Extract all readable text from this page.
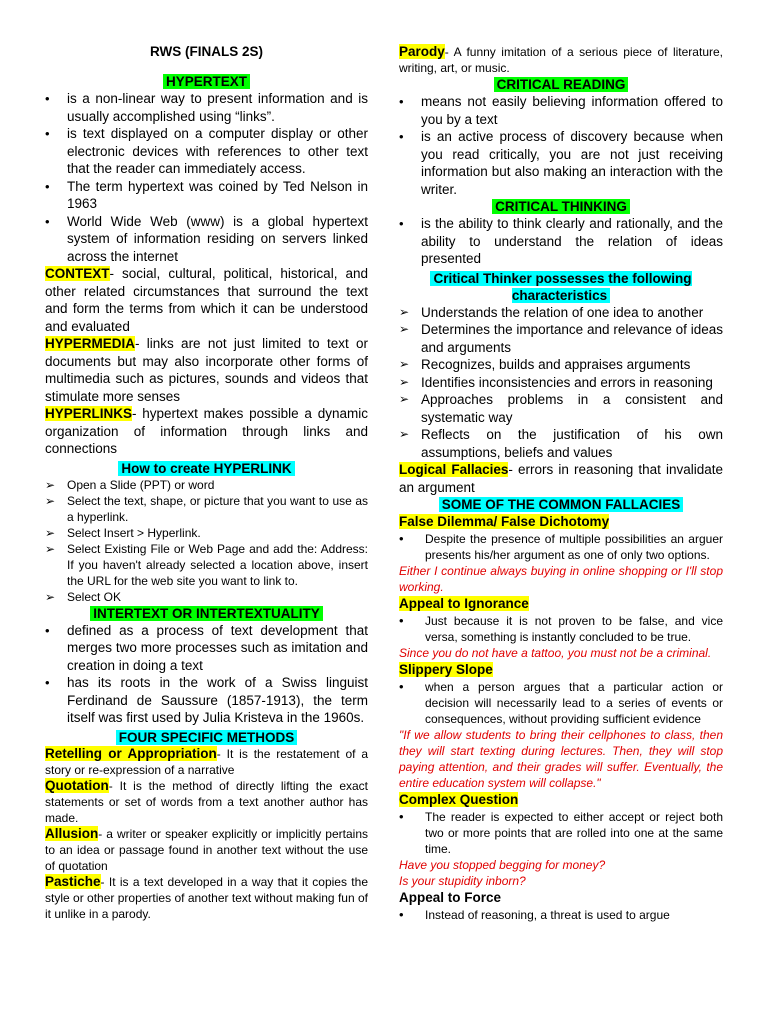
RWS (FINALS 2S)

HYPERTEXT

• is a non-linear way to present information and is usually accomplished using “links”.
• is text displayed on a computer display or other electronic devices with references to other text that the reader can immediately access.
• The term hypertext was coined by Ted Nelson in 1963
• World Wide Web (www) is a global hypertext system of information residing on servers linked across the internet

CONTEXT- social, cultural, political, historical, and other related circumstances that surround the text and form the terms from which it can be understood and evaluated

HYPERMEDIA- links are not just limited to text or documents but may also incorporate other forms of multimedia such as pictures, sounds and videos that stimulate more senses

HYPERLINKS- hypertext makes possible a dynamic organization of information through links and connections

How to create HYPERLINK

➢ Open a Slide (PPT) or word
➢ Select the text, shape, or picture that you want to use as a hyperlink.
➢ Select Insert > Hyperlink.
➢ Select Existing File or Web Page and add the: Address: If you haven't already selected a location above, insert the URL for the web site you want to link to.
➢ Select OK

INTERTEXT OR INTERTEXTUALITY

• defined as a process of text development that merges two more processes such as imitation and creation in doing a text
• has its roots in the work of a Swiss linguist Ferdinand de Saussure (1857-1913), the term itself was first used by Julia Kristeva in the 1960s.

FOUR SPECIFIC METHODS

Retelling or Appropriation- It is the restatement of a story or re-expression of a narrative

Quotation- It is the method of directly lifting the exact statements or set of words from a text another author has made.

Allusion- a writer or speaker explicitly or implicitly pertains to an idea or passage found in another text without the use of quotation

Pastiche- It is a text developed in a way that it copies the style or other properties of another text without making fun of it unlike in a parody.

Parody- A funny imitation of a serious piece of literature, writing, art, or music.

CRITICAL READING

• means not easily believing information offered to you by a text
• is an active process of discovery because when you read critically, you are not just receiving information but also making an interaction with the writer.

CRITICAL THINKING

• is the ability to think clearly and rationally, and the ability to understand the relation of ideas presented

Critical Thinker possesses the following characteristics

➢ Understands the relation of one idea to another
➢ Determines the importance and relevance of ideas and arguments
➢ Recognizes, builds and appraises arguments
➢ Identifies inconsistencies and errors in reasoning
➢ Approaches problems in a consistent and systematic way
➢ Reflects on the justification of his own assumptions, beliefs and values

Logical Fallacies- errors in reasoning that invalidate an argument

SOME OF THE COMMON FALLACIES

False Dilemma/ False Dichotomy

• Despite the presence of multiple possibilities an arguer presents his/her argument as one of only two options.

Either I continue always buying in online shopping or I'll stop working.

Appeal to Ignorance

• Just because it is not proven to be false, and vice versa, something is instantly concluded to be true.

Since you do not have a tattoo, you must not be a criminal.

Slippery Slope

• when a person argues that a particular action or decision will necessarily lead to a series of events or consequences, without providing sufficient evidence

"If we allow students to bring their cellphones to class, then they will start texting during lectures. Then, they will stop paying attention, and their grades will suffer. Eventually, the entire education system will collapse."

Complex Question

• The reader is expected to either accept or reject both two or more points that are rolled into one at the same time.

Have you stopped begging for money?

Is your stupidity inborn?

Appeal to Force

• Instead of reasoning, a threat is used to argue
